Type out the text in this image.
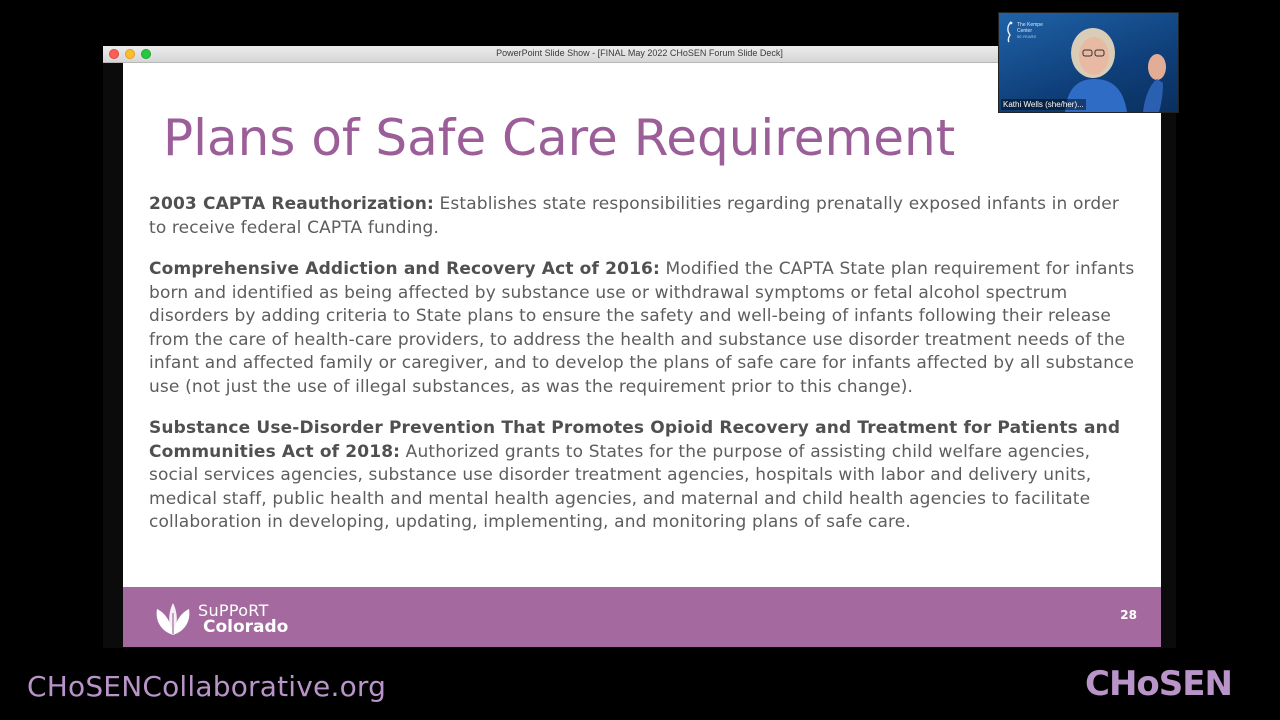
PowerPoint Slide Show - [FINAL May 2022 CHoSEN Forum Slide Deck]
Plans of Safe Care Requirement

2003 CAPTA Reauthorization: Establishes state responsibilities regarding prenatally exposed infants in order to receive federal CAPTA funding.

Comprehensive Addiction and Recovery Act of 2016: Modified the CAPTA State plan requirement for infants born and identified as being affected by substance use or withdrawal symptoms or fetal alcohol spectrum disorders by adding criteria to State plans to ensure the safety and well-being of infants following their release from the care of health-care providers, to address the health and substance use disorder treatment needs of the infant and affected family or caregiver, and to develop the plans of safe care for infants affected by all substance use (not just the use of illegal substances, as was the requirement prior to this change).

Substance Use-Disorder Prevention That Promotes Opioid Recovery and Treatment for Patients and Communities Act of 2018: Authorized grants to States for the purpose of assisting child welfare agencies, social services agencies, substance use disorder treatment agencies, hospitals with labor and delivery units, medical staff, public health and mental health agencies, and maternal and child health agencies to facilitate collaboration in developing, updating, implementing, and monitoring plans of safe care.

SuPPoRT
Colorado
28
The Kempe
Center
50 YEARS
Kathi Wells (she/her)...
CHoSENCollaborative.org	CHoSEN
